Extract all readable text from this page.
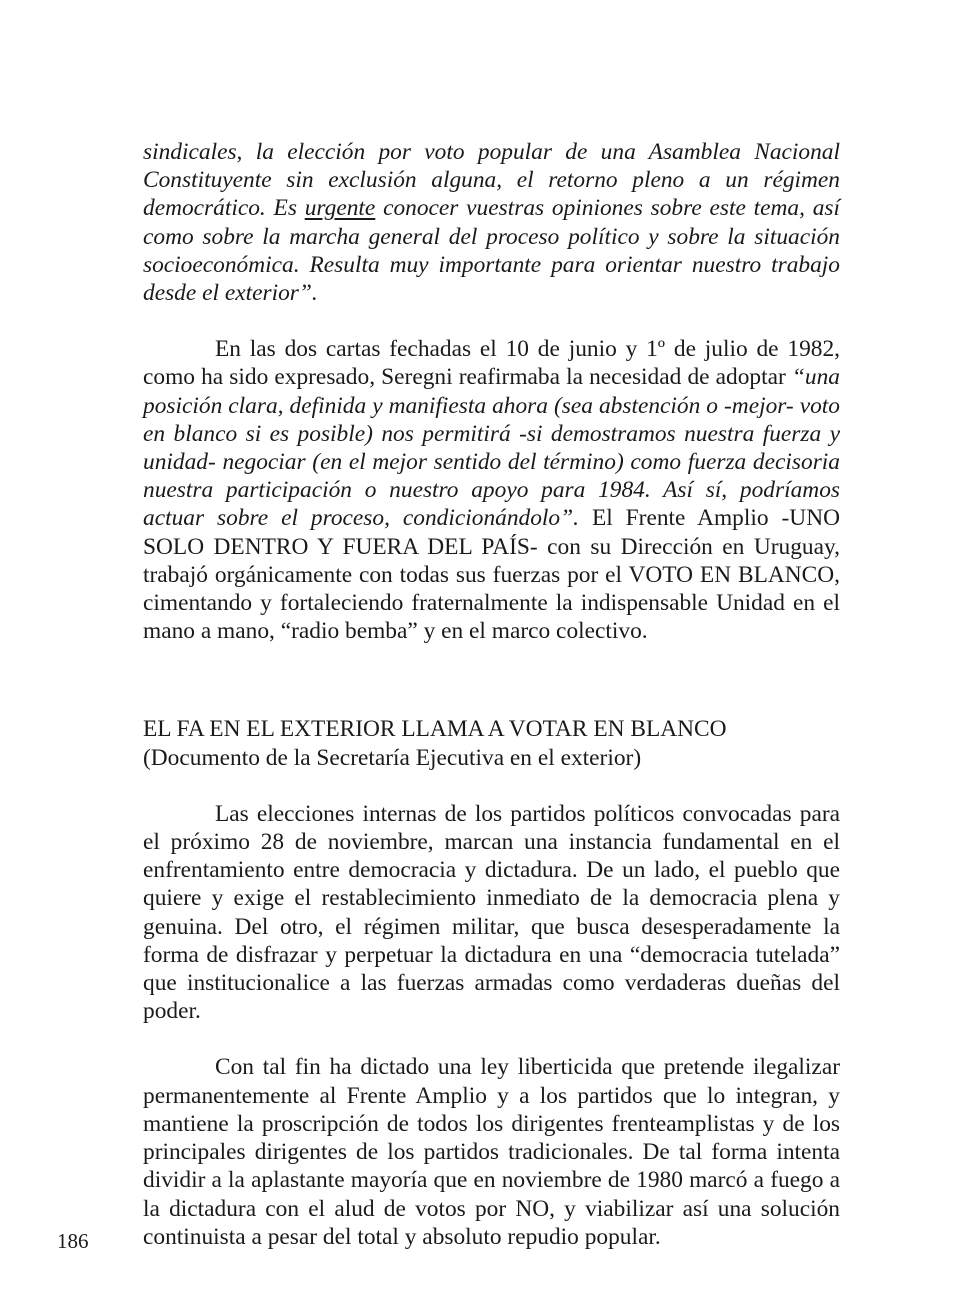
sindicales, la elección por voto popular de una Asamblea Nacional Constituyente sin exclusión alguna, el retorno pleno a un régimen democrático. Es urgente conocer vuestras opiniones sobre este tema, así como sobre la marcha general del proceso político y sobre la situación socioeconómica. Resulta muy importante para orientar nuestro trabajo desde el exterior”.

En las dos cartas fechadas el 10 de junio y 1º de julio de 1982, como ha sido expresado, Seregni reafirmaba la necesidad de adoptar “una posición clara, definida y manifiesta ahora (sea abstención o -mejor- voto en blanco si es posible) nos permitirá -si demostramos nuestra fuerza y unidad- negociar (en el mejor sentido del término) como fuerza decisoria nuestra participación o nuestro apoyo para 1984. Así sí, podríamos actuar sobre el proceso, condicionándolo”. El Frente Amplio -UNO SOLO DENTRO Y FUERA DEL PAÍS- con su Dirección en Uruguay, trabajó orgánicamente con todas sus fuerzas por el VOTO EN BLANCO, cimentando y fortaleciendo fraternalmente la indispensable Unidad en el mano a mano, “radio bemba” y en el marco colectivo.

EL FA EN EL EXTERIOR LLAMA A VOTAR EN BLANCO

(Documento de la Secretaría Ejecutiva en el exterior)

Las elecciones internas de los partidos políticos convocadas para el próximo 28 de noviembre, marcan una instancia fundamental en el enfrentamiento entre democracia y dictadura. De un lado, el pueblo que quiere y exige el restablecimiento inmediato de la democracia plena y genuina. Del otro, el régimen militar, que busca desesperadamente la forma de disfrazar y perpetuar la dictadura en una “democracia tutelada” que institucionalice a las fuerzas armadas como verdaderas dueñas del poder.

Con tal fin ha dictado una ley liberticida que pretende ilegalizar permanentemente al Frente Amplio y a los partidos que lo integran, y mantiene la proscripción de todos los dirigentes frenteamplistas y de los principales dirigentes de los partidos tradicionales. De tal forma intenta dividir a la aplastante mayoría que en noviembre de 1980 marcó a fuego a la dictadura con el alud de votos por NO, y viabilizar así una solución continuista a pesar del total y absoluto repudio popular.

186
